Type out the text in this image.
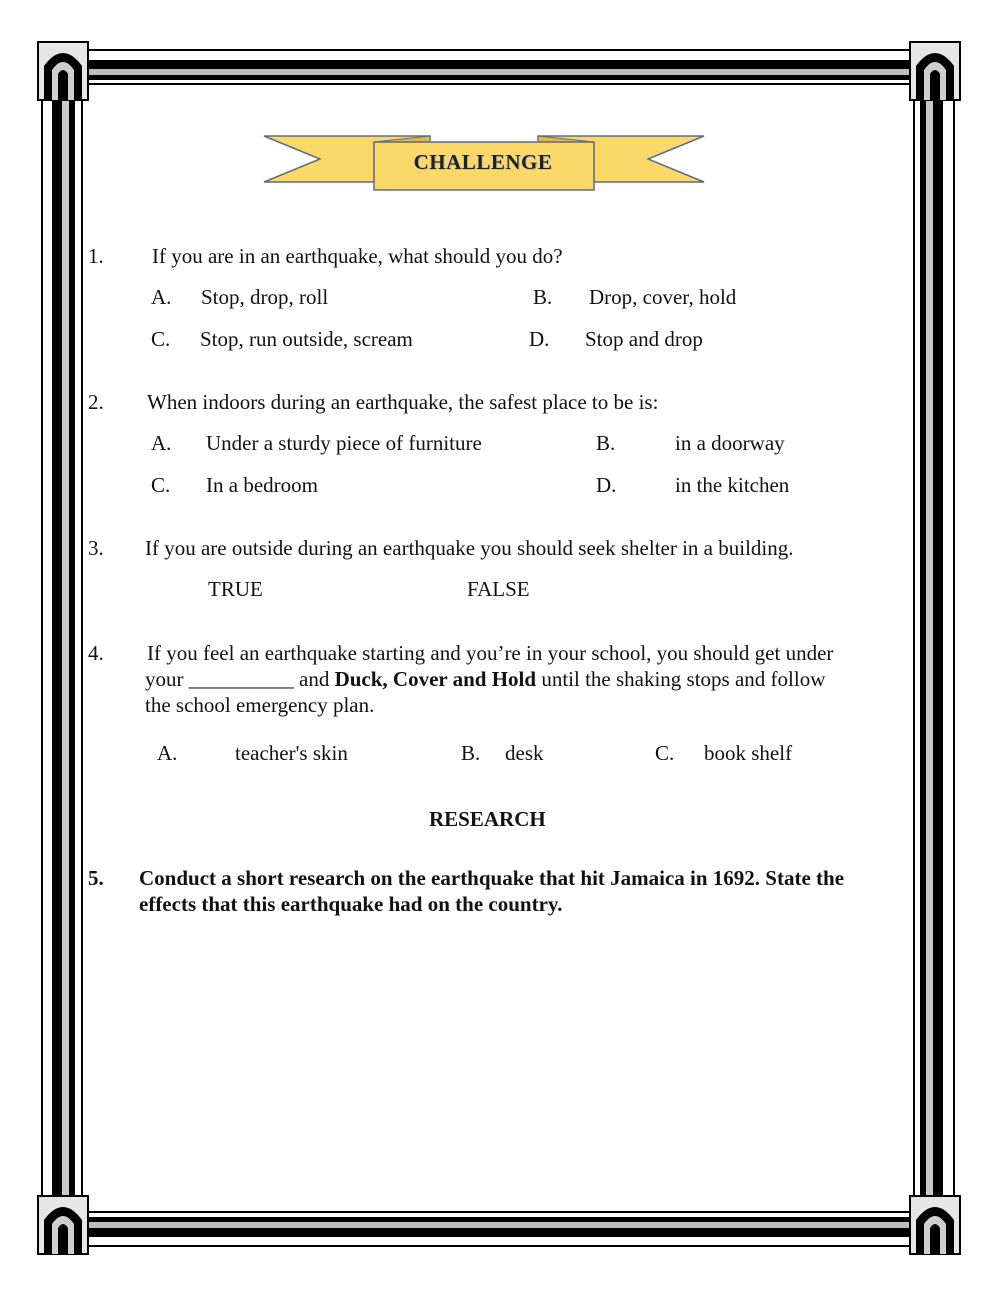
CHALLENGE
1. If you are in an earthquake, what should you do?
A. Stop, drop, roll	B. Drop, cover, hold
C. Stop, run outside, scream	D. Stop and drop
2. When indoors during an earthquake, the safest place to be is:
A. Under a sturdy piece of furniture	B.	in a doorway
C. In a bedroom	D.	in the kitchen
3. If you are outside during an earthquake you should seek shelter in a building.
TRUE	FALSE
4. If you feel an earthquake starting and you’re in your school, you should get under
your __________ and Duck, Cover and Hold until the shaking stops and follow
the school emergency plan.
A.	teacher's skin	B. desk	C. book shelf
RESEARCH
5. Conduct a short research on the earthquake that hit Jamaica in 1692. State the
effects that this earthquake had on the country.
